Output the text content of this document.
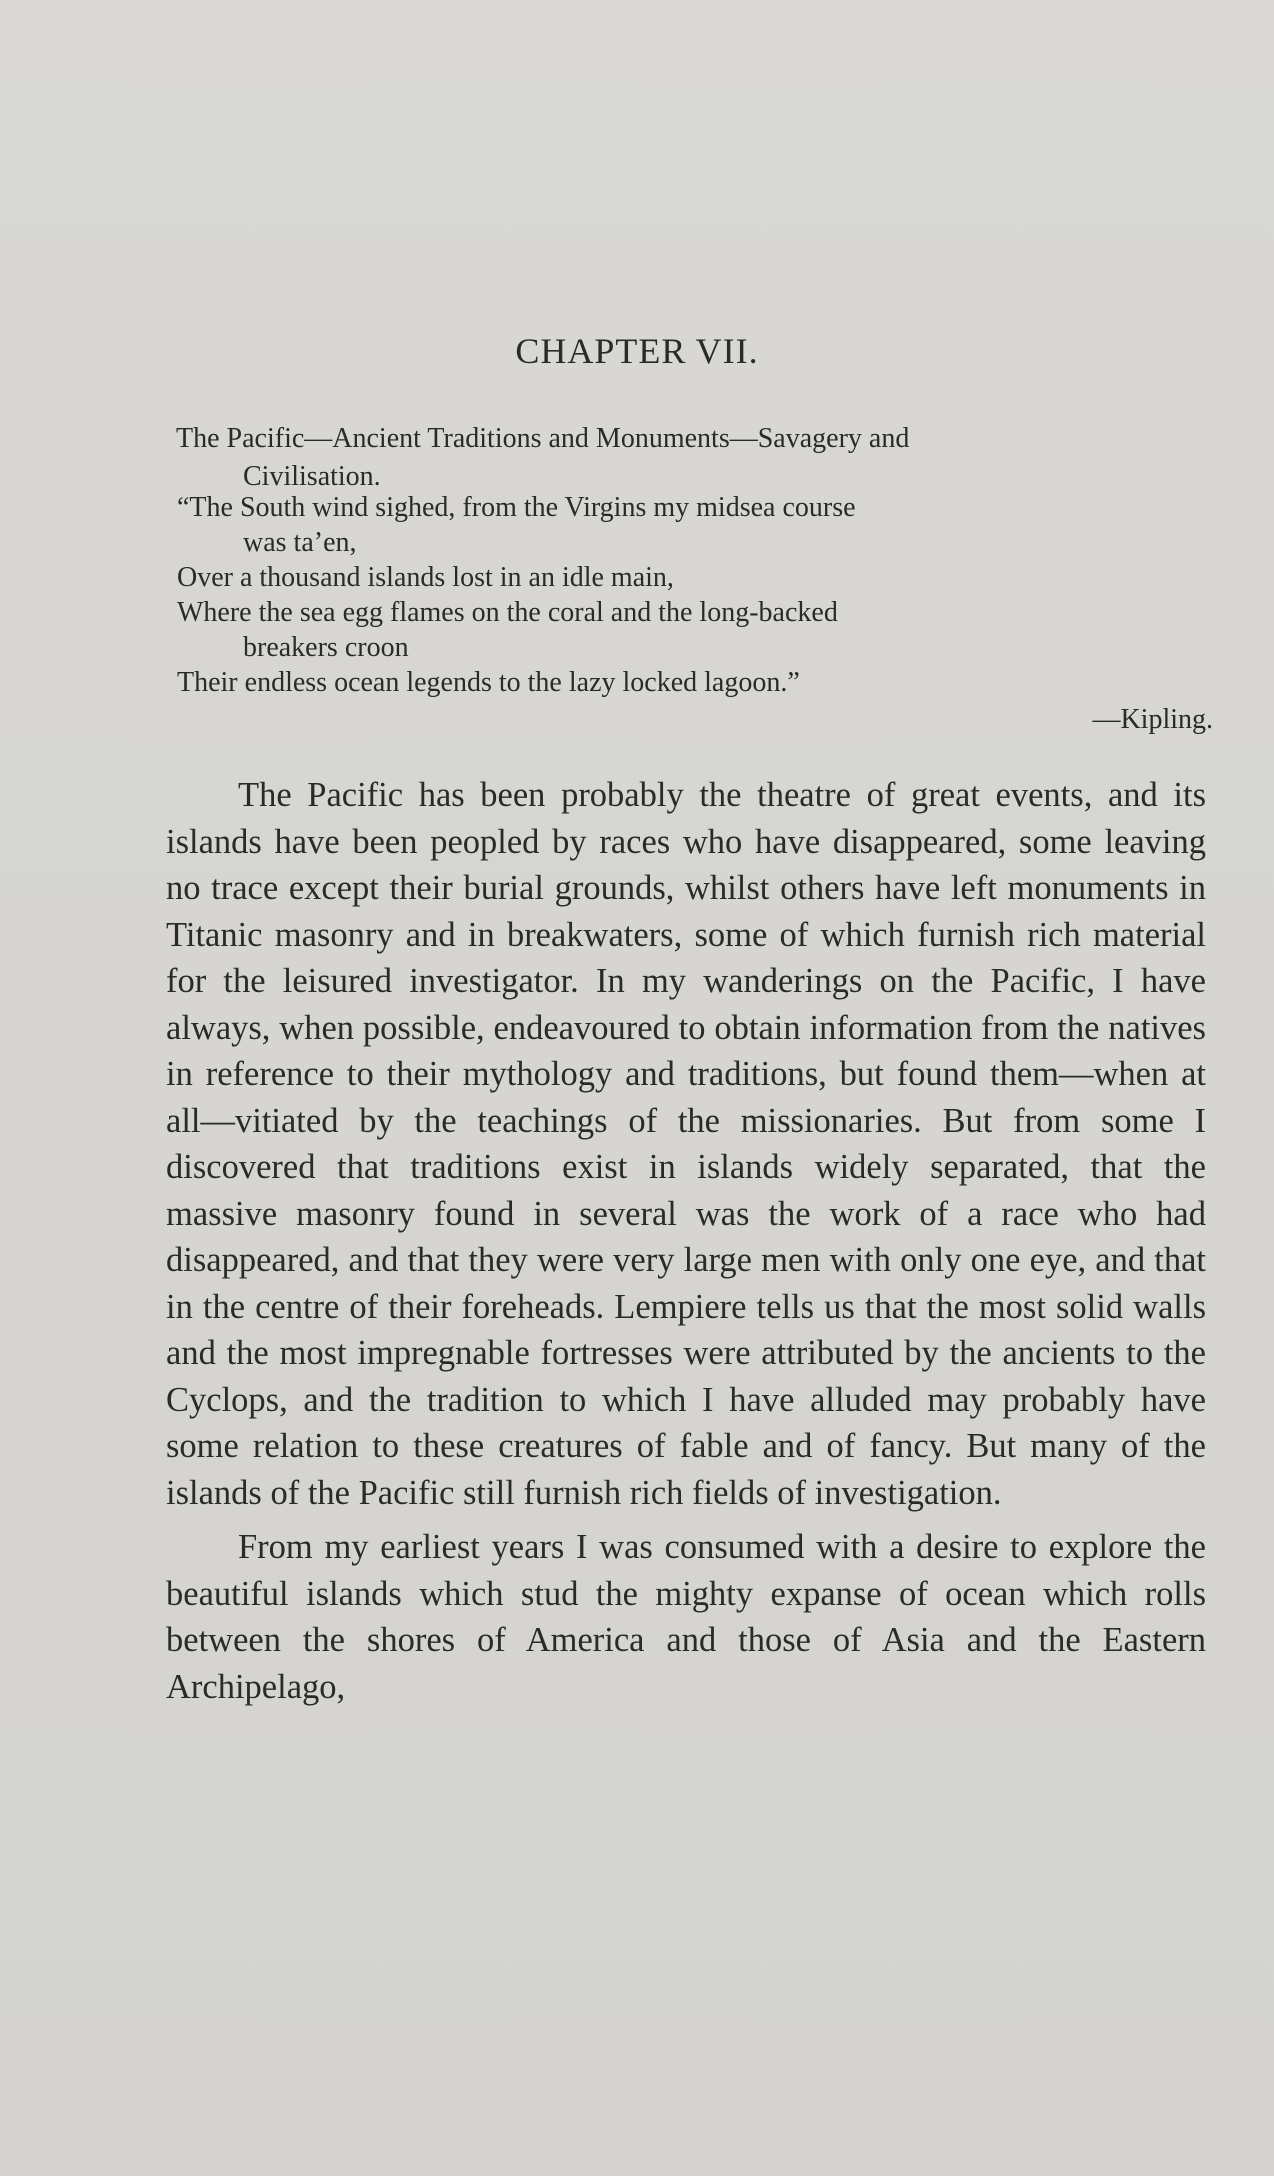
CHAPTER VII.
The Pacific—Ancient Traditions and Monuments—Savagery and
Civilisation.
“The South wind sighed, from the Virgins my midsea course
was ta’en,
Over a thousand islands lost in an idle main,
Where the sea egg flames on the coral and the long-backed
breakers croon
Their endless ocean legends to the lazy locked lagoon.”
—Kipling.

The Pacific has been probably the theatre of great events, and its islands have been peopled by races who have disappeared, some leaving no trace except their burial grounds, whilst others have left monuments in Titanic masonry and in breakwaters, some of which furnish rich material for the leisured investigator. In my wanderings on the Pacific, I have always, when possible, endeavoured to obtain information from the natives in reference to their mythology and traditions, but found them—when at all—vitiated by the teachings of the missionaries. But from some I discovered that traditions exist in islands widely separated, that the massive masonry found in several was the work of a race who had disappeared, and that they were very large men with only one eye, and that in the centre of their foreheads. Lempiere tells us that the most solid walls and the most impregnable fortresses were attributed by the ancients to the Cyclops, and the tradition to which I have alluded may probably have some relation to these creatures of fable and of fancy. But many of the islands of the Pacific still furnish rich fields of investigation.

From my earliest years I was consumed with a desire to explore the beautiful islands which stud the mighty expanse of ocean which rolls between the shores of America and those of Asia and the Eastern Archipelago,
